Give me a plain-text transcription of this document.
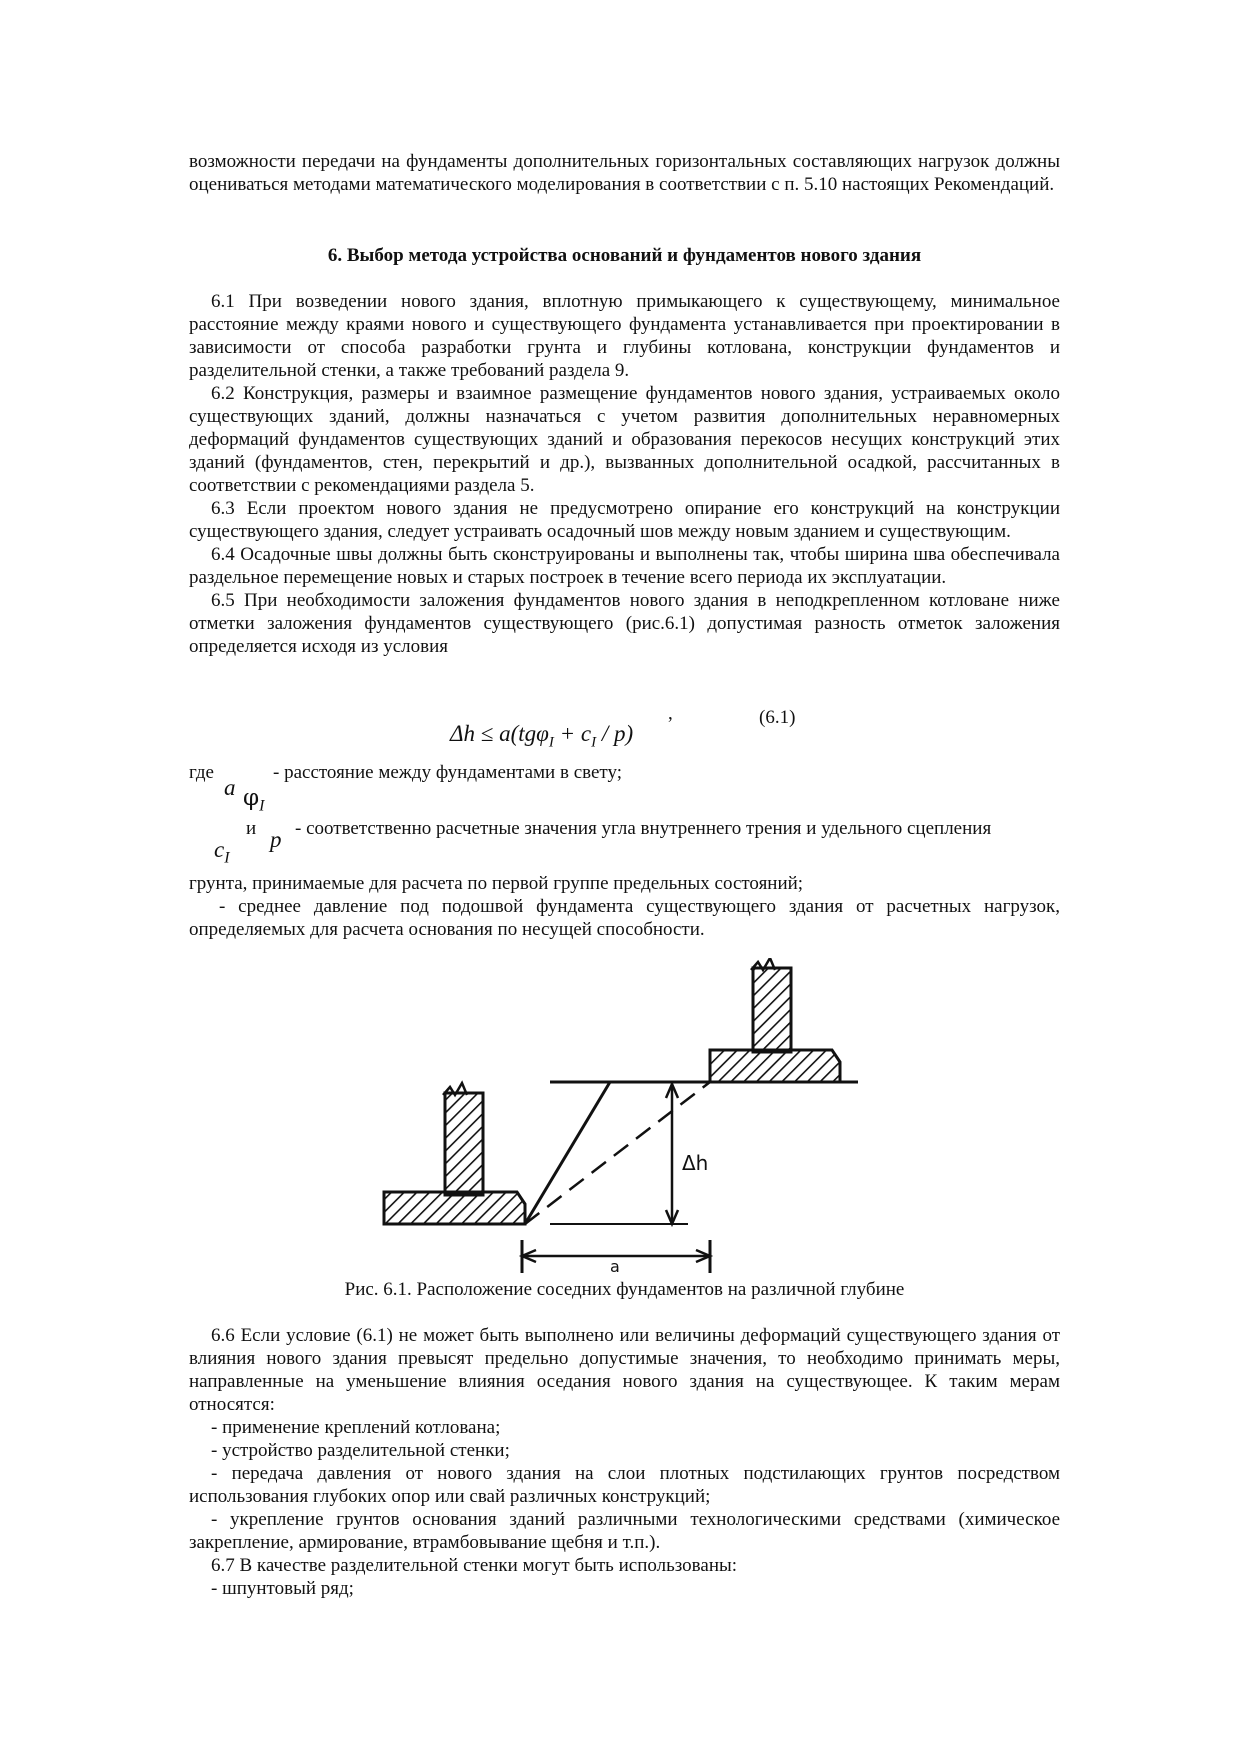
возможности передачи на фундаменты дополнительных горизонтальных составляющих нагрузок должны оцениваться методами математического моделирования в соответствии с п. 5.10 настоящих Рекомендаций.

6. Выбор метода устройства оснований и фундаментов нового здания

6.1 При возведении нового здания, вплотную примыкающего к существующему, минимальное расстояние между краями нового и существующего фундамента устанавливается при проектировании в зависимости от способа разработки грунта и глубины котлована, конструкции фундаментов и разделительной стенки, а также требований раздела 9.

6.2 Конструкция, размеры и взаимное размещение фундаментов нового здания, устраиваемых около существующих зданий, должны назначаться с учетом развития дополнительных неравномерных деформаций фундаментов существующих зданий и образования перекосов несущих конструкций этих зданий (фундаментов, стен, перекрытий и др.), вызванных дополнительной осадкой, рассчитанных в соответствии с рекомендациями раздела 5.

6.3 Если проектом нового здания не предусмотрено опирание его конструкций на конструкции существующего здания, следует устраивать осадочный шов между новым зданием и существующим.

6.4 Осадочные швы должны быть сконструированы и выполнены так, чтобы ширина шва обеспечивала раздельное перемещение новых и старых построек в течение всего периода их эксплуатации.

6.5 При необходимости заложения фундаментов нового здания в неподкрепленном котловане ниже отметки заложения фундаментов существующего (рис.6.1) допустимая разность отметок заложения определяется исходя из условия

$\Delta h \le a(tg\varphi_I + c_I / p)$
,	(6.1)
где
a
- расстояние между фундаментами в свету;
$\varphi_I$
и p
$c_I$
- соответственно расчетные значения угла внутреннего трения и удельного сцепления

грунта, принимаемые для расчета по первой группе предельных состояний;

- среднее давление под подошвой фундамента существующего здания от расчетных нагрузок, определяемых для расчета основания по несущей способности.

Δh
a

Рис. 6.1. Расположение соседних фундаментов на различной глубине

6.6 Если условие (6.1) не может быть выполнено или величины деформаций существующего здания от влияния нового здания превысят предельно допустимые значения, то необходимо принимать меры, направленные на уменьшение влияния оседания нового здания на существующее. К таким мерам относятся:

- применение креплений котлована;

- устройство разделительной стенки;

- передача давления от нового здания на слои плотных подстилающих грунтов посредством использования глубоких опор или свай различных конструкций;

- укрепление грунтов основания зданий различными технологическими средствами (химическое закрепление, армирование, втрамбовывание щебня и т.п.).

6.7 В качестве разделительной стенки могут быть использованы:

- шпунтовый ряд;
